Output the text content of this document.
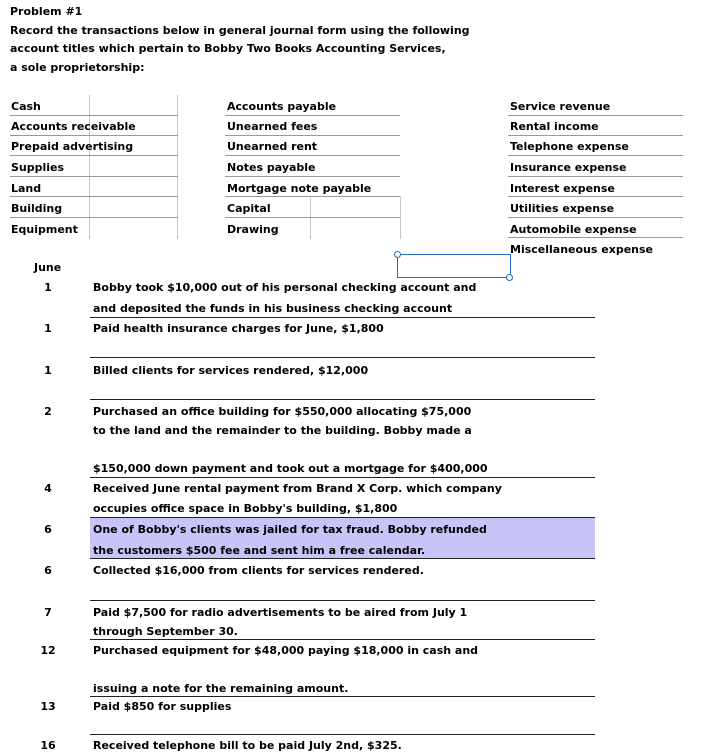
Problem #1
Record the transactions below in general journal form using the following
account titles which pertain to Bobby Two Books Accounting Services,
a sole proprietorship:
Cash
Accounts receivable
Prepaid advertising
Supplies
Land
Building
Equipment
Accounts payable
Unearned fees
Unearned rent
Notes payable
Mortgage note payable
Capital
Drawing
Service revenue
Rental income
Telephone expense
Insurance expense
Interest expense
Utilities expense
Automobile expense
Miscellaneous expense
June
1	Bobby took $10,000 out of his personal checking account and
and deposited the funds in his business checking account
1	Paid health insurance charges for June, $1,800
1	Billed clients for services rendered, $12,000
2	Purchased an office building for $550,000 allocating $75,000
to the land and the remainder to the building. Bobby made a
$150,000 down payment and took out a mortgage for $400,000
4	Received June rental payment from Brand X Corp. which company
occupies office space in Bobby's building, $1,800
6	One of Bobby's clients was jailed for tax fraud. Bobby refunded
the customers $500 fee and sent him a free calendar.
6	Collected $16,000 from clients for services rendered.
7	Paid $7,500 for radio advertisements to be aired from July 1
through September 30.
12	Purchased equipment for $48,000 paying $18,000 in cash and
issuing a note for the remaining amount.
13	Paid $850 for supplies
16	Received telephone bill to be paid July 2nd, $325.
